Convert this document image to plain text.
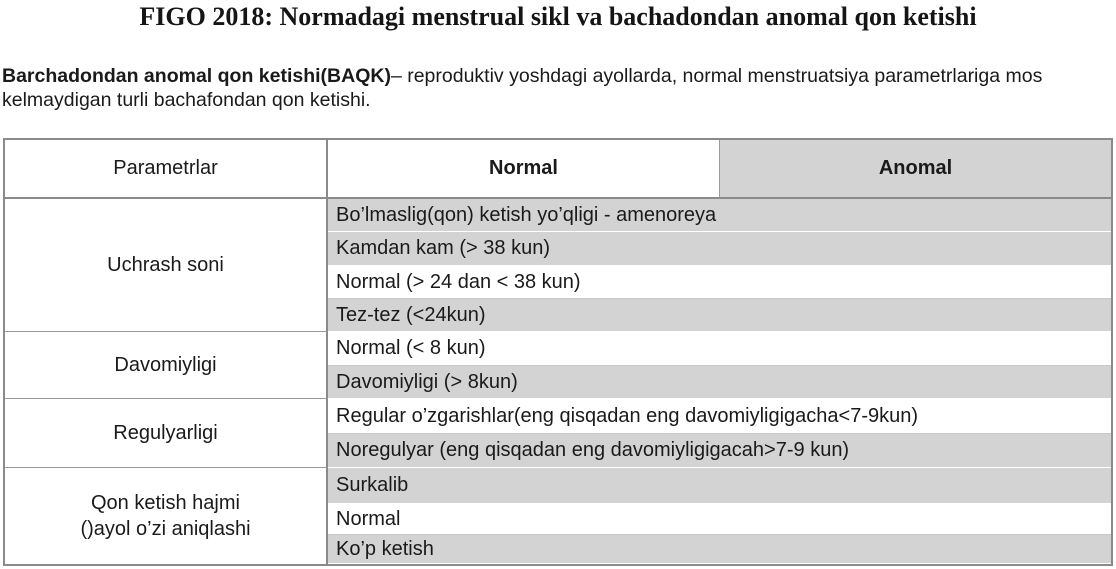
FIGO 2018: Normadagi menstrual sikl va bachadondan anomal qon ketishi
Barchadondan anomal qon ketishi(BAQK)– reproduktiv yoshdagi ayollarda, normal menstruatsiya parametrlariga mos kelmaydigan turli bachafondan qon ketishi.
Parametrlar	Normal	Anomal
Uchrash soni
Bo’lmaslig(qon) ketish yo’qligi - amenoreya
Kamdan kam (> 38 kun)
Normal (> 24 dan < 38 kun)
Tez-tez (<24kun)
Davomiyligi
Normal (< 8 kun)
Davomiyligi (> 8kun)
Regulyarligi
Regular o’zgarishlar(eng qisqadan eng davomiyligigacha<7-9kun)
Noregulyar (eng qisqadan eng davomiyligigacah>7-9 kun)
Qon ketish hajmi
()ayol o’zi aniqlashi
Surkalib
Normal
Ko’p ketish
